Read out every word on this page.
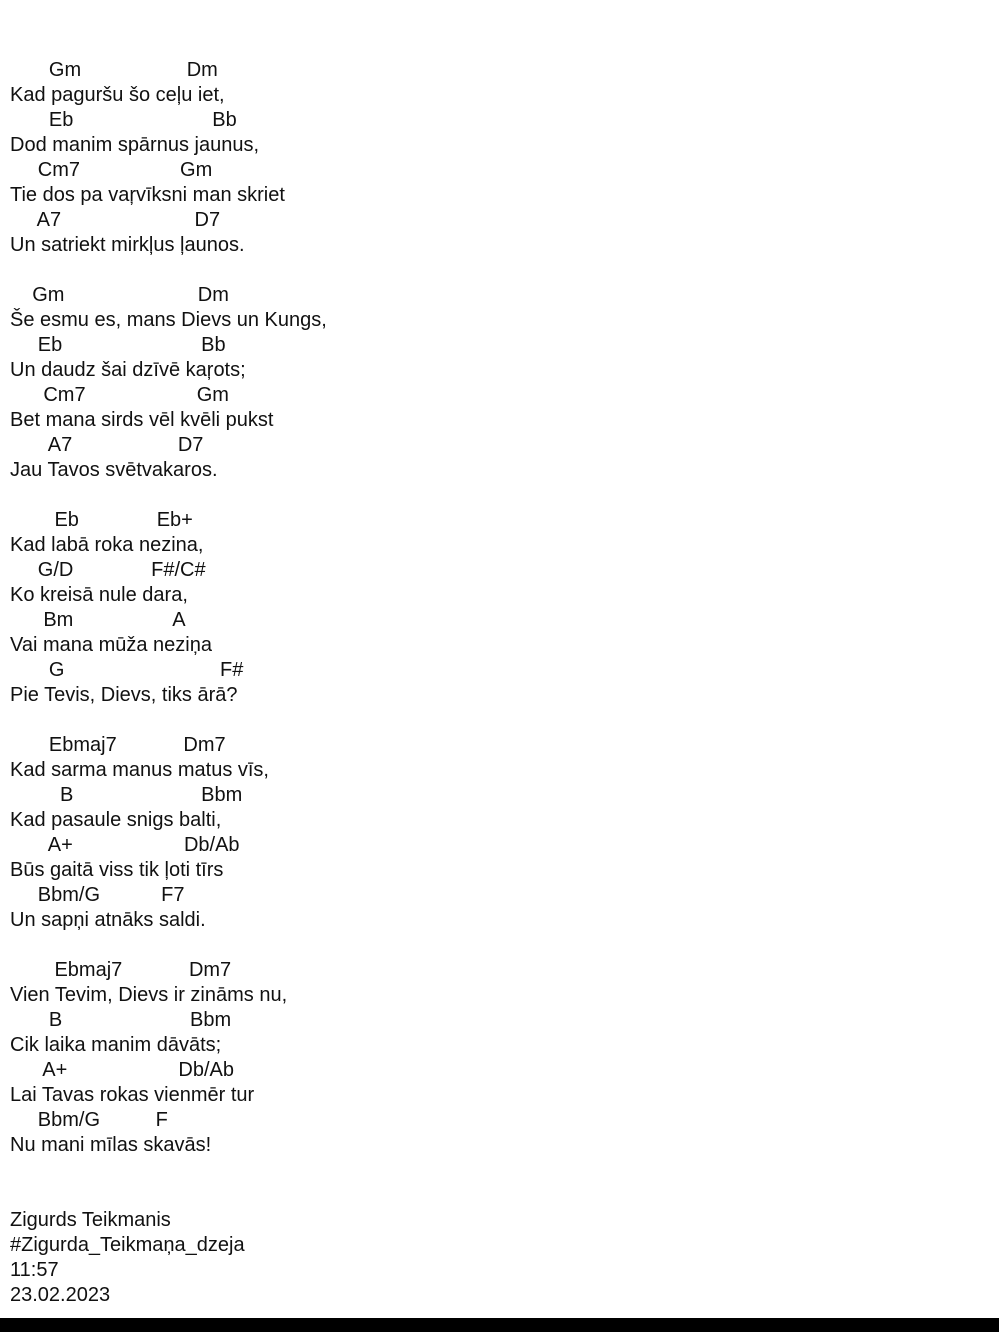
Gm                   Dm

Kad paguršu šo ceļu iet,

Eb                         Bb

Dod manim spārnus jaunus,

Cm7                  Gm

Tie dos pa vaŗvīksni man skriet

A7                        D7

Un satriekt mirkļus ļaunos.

Gm                        Dm

Še esmu es, mans Dievs un Kungs,

Eb                         Bb

Un daudz šai dzīvē kaŗots;

Cm7                    Gm

Bet mana sirds vēl kvēli pukst

A7                   D7

Jau Tavos svētvakaros.

Eb              Eb+

Kad labā roka nezina,

G/D              F#/C#

Ko kreisā nule dara,

Bm                  A

Vai mana mūža neziņa

G                            F#

Pie Tevis, Dievs, tiks ārā?

Ebmaj7            Dm7

Kad sarma manus matus vīs,

B                       Bbm

Kad pasaule snigs balti,

A+                    Db/Ab

Būs gaitā viss tik ļoti tīrs

Bbm/G           F7

Un sapņi atnāks saldi.

Ebmaj7            Dm7

Vien Tevim, Dievs ir zināms nu,

B                       Bbm

Cik laika manim dāvāts;

A+                    Db/Ab

Lai Tavas rokas vienmēr tur

Bbm/G          F

Nu mani mīlas skavās!

Zigurds Teikmanis

#Zigurda_Teikmaņa_dzeja

11:57

23.02.2023
